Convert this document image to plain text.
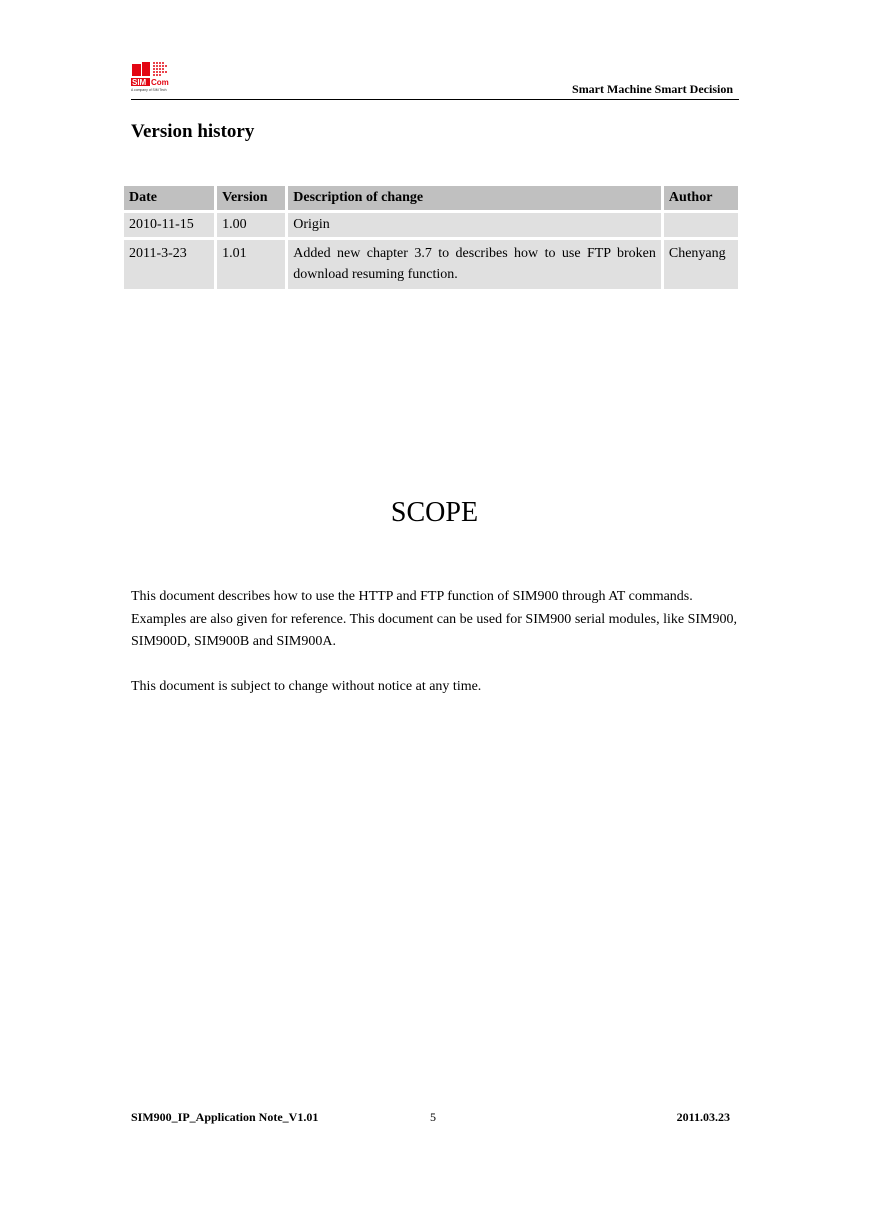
SIM Com
A company of SIM Tech	Smart Machine Smart Decision
Version history
Date	Version	Description of change	Author
2010-11-15	1.00	Origin	
2011-3-23	1.01	Added new chapter 3.7 to describes how to use FTP broken download resuming function.	Chenyang
SCOPE

This document describes how to use the HTTP and FTP function of SIM900 through AT commands.

Examples are also given for reference. This document can be used for SIM900 serial modules, like SIM900, SIM900D, SIM900B and SIM900A.

This document is subject to change without notice at any time.

SIM900_IP_Application Note_V1.01	5	2011.03.23
